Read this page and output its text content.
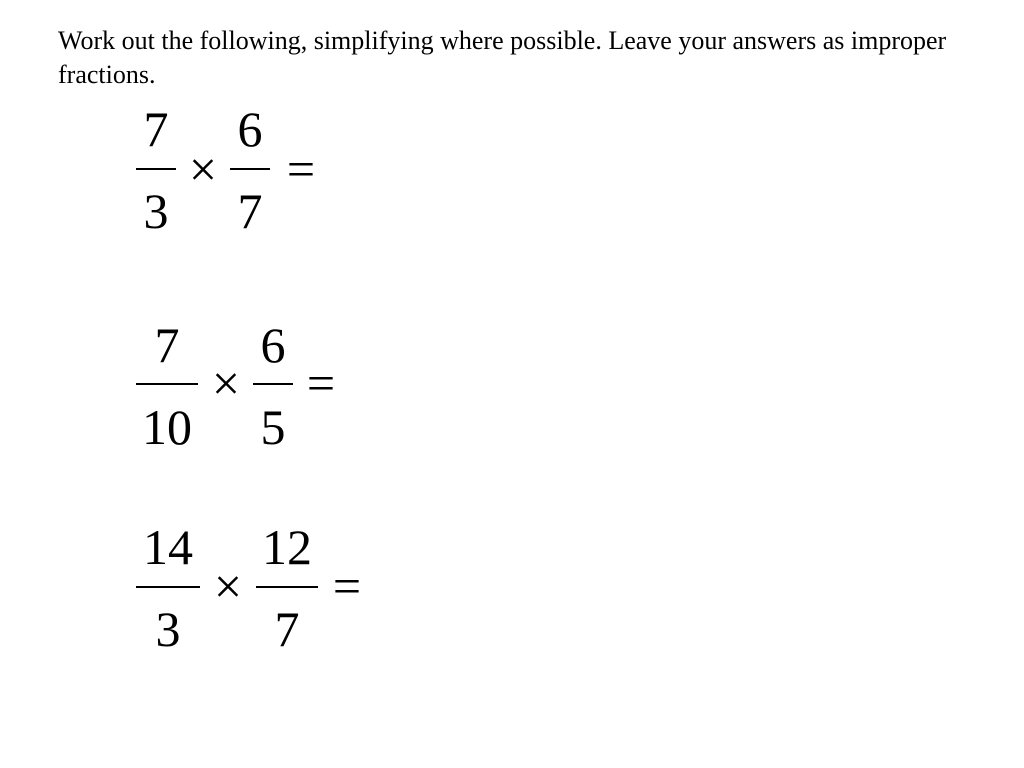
Work out the following, simplifying where possible. Leave your answers as improper fractions.

7
3
×
6
7
=
7
10
×
6
5
=
14
3
×
12
7
=
